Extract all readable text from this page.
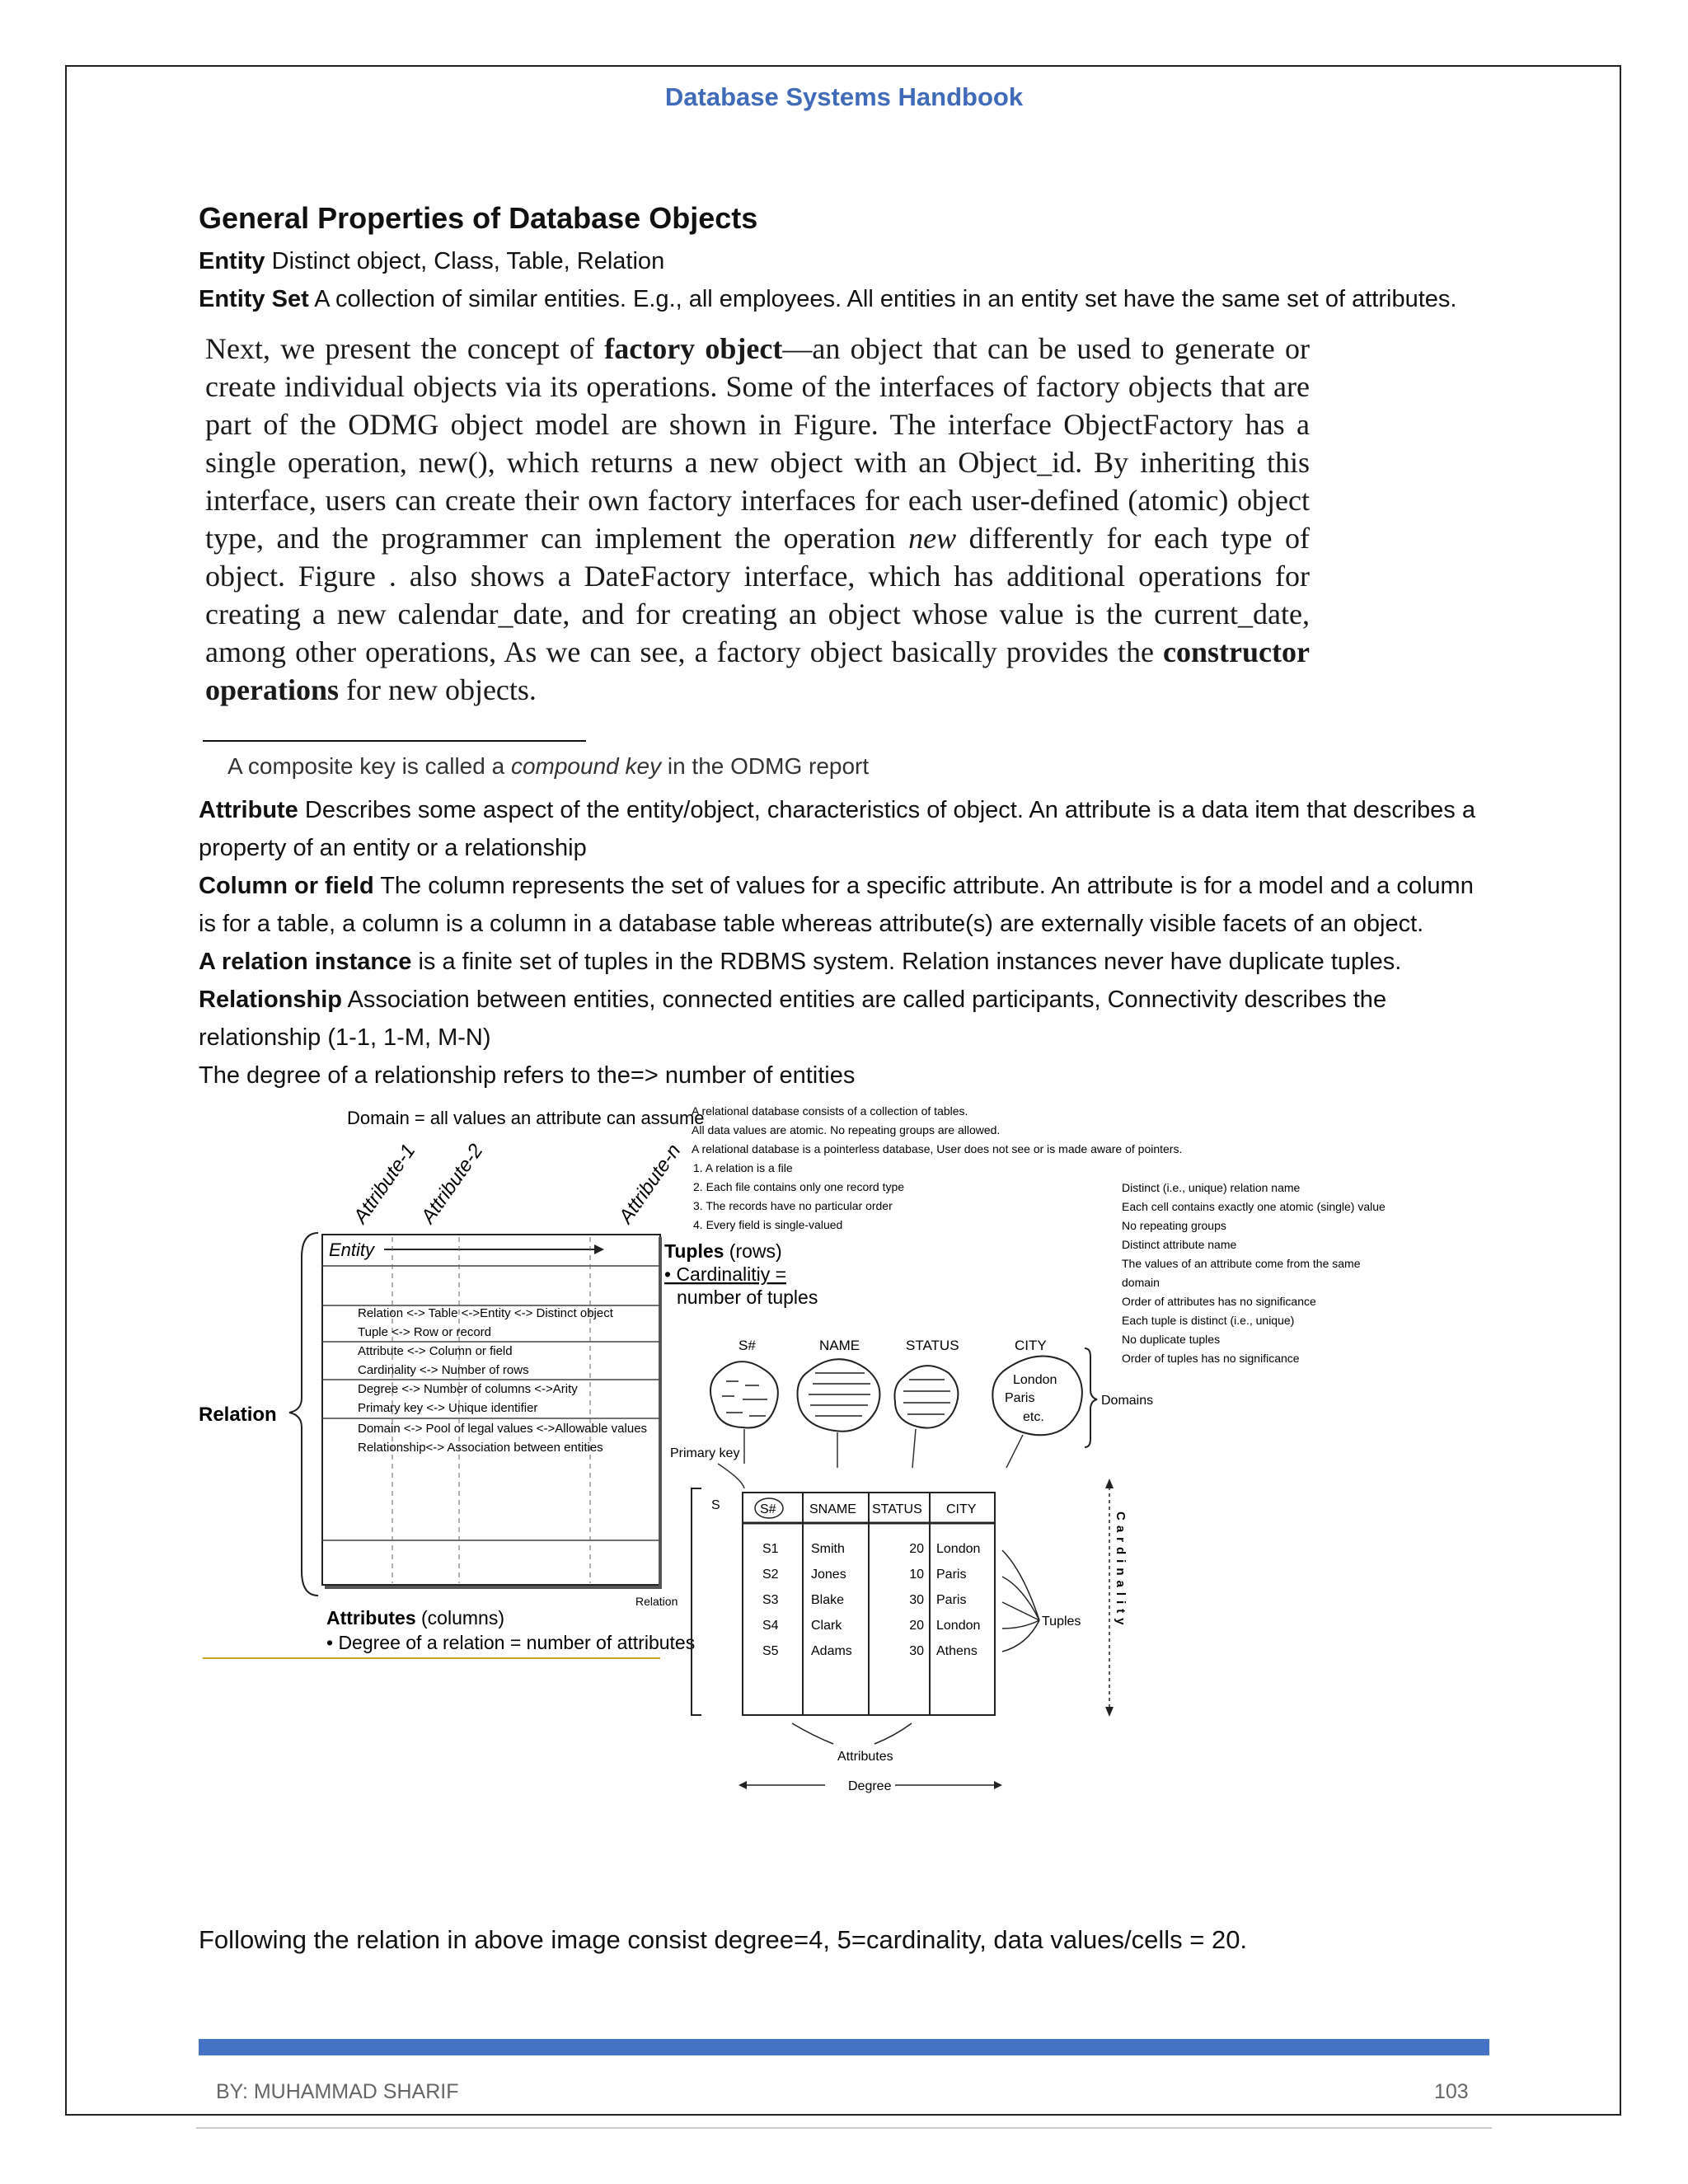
Database Systems Handbook
General Properties of Database Objects

Entity Distinct object, Class, Table, Relation

Entity Set A collection of similar entities. E.g., all employees. All entities in an entity set have the same set of attributes.

Next, we present the concept of factory object—an object that can be used to generate or create individual objects via its operations. Some of the interfaces of factory objects that are part of the ODMG object model are shown in Figure. The interface ObjectFactory has a single operation, new(), which returns a new object with an Object_id. By inheriting this interface, users can create their own factory interfaces for each user-defined (atomic) object type, and the programmer can implement the operation new differently for each type of object. Figure . also shows a DateFactory interface, which has additional operations for creating a new calendar_date, and for creating an object whose value is the current_date, among other operations, As we can see, a factory object basically provides the constructor operations for new objects.
A composite key is called a compound key in the ODMG report

Attribute Describes some aspect of the entity/object, characteristics of object. An attribute is a data item that describes a property of an entity or a relationship

Column or field The column represents the set of values for a specific attribute. An attribute is for a model and a column is for a table, a column is a column in a database table whereas attribute(s) are externally visible facets of an object.

A relation instance is a finite set of tuples in the RDBMS system. Relation instances never have duplicate tuples.

Relationship Association between entities, connected entities are called participants, Connectivity describes the relationship (1-1, 1-M, M-N)

The degree of a relationship refers to the=> number of entities

Domain = all values an attribute can assume
Attribute-1
Attribute-2	Attribute-n
Relation
Entity
Relation <-> Table <->Entity <-> Distinct object
Tuple <-> Row or record
Attribute <-> Column or field
Cardinality <-> Number of rows
Degree <-> Number of columns <->Arity
Primary key <-> Unique identifier
Domain <-> Pool of legal values <->Allowable values
Relationship<-> Association between entities
Attributes (columns)
• Degree of a relation = number of attributes
Tuples (rows)
• Cardinalitiy =
number of tuples
A relational database consists of a collection of tables.
All data values are atomic. No repeating groups are allowed.
A relational database is a pointerless database, User does not see or is made aware of pointers.
1. A relation is a file
2. Each file contains only one record type
3. The records have no particular order
4. Every field is single-valued
Distinct (i.e., unique) relation name
Each cell contains exactly one atomic (single) value
No repeating groups
Distinct attribute name
The values of an attribute come from the same
domain
Order of attributes has no significance
Each tuple is distinct (i.e., unique)
No duplicate tuples
Order of tuples has no significance
S#	NAME	STATUS	CITY
London
Paris
etc.
Domains
Primary key
S	S#	SNAME STATUS CITY
S1 Smith	20 London
S2 Jones	10 Paris
S3 Blake	30 Paris
S4 Clark	20 London
S5 Adams	30 Athens
Relation
Tuples	Cardinality
Attributes
Degree
Following the relation in above image consist degree=4, 5=cardinality, data values/cells = 20.
BY: MUHAMMAD SHARIF	103
